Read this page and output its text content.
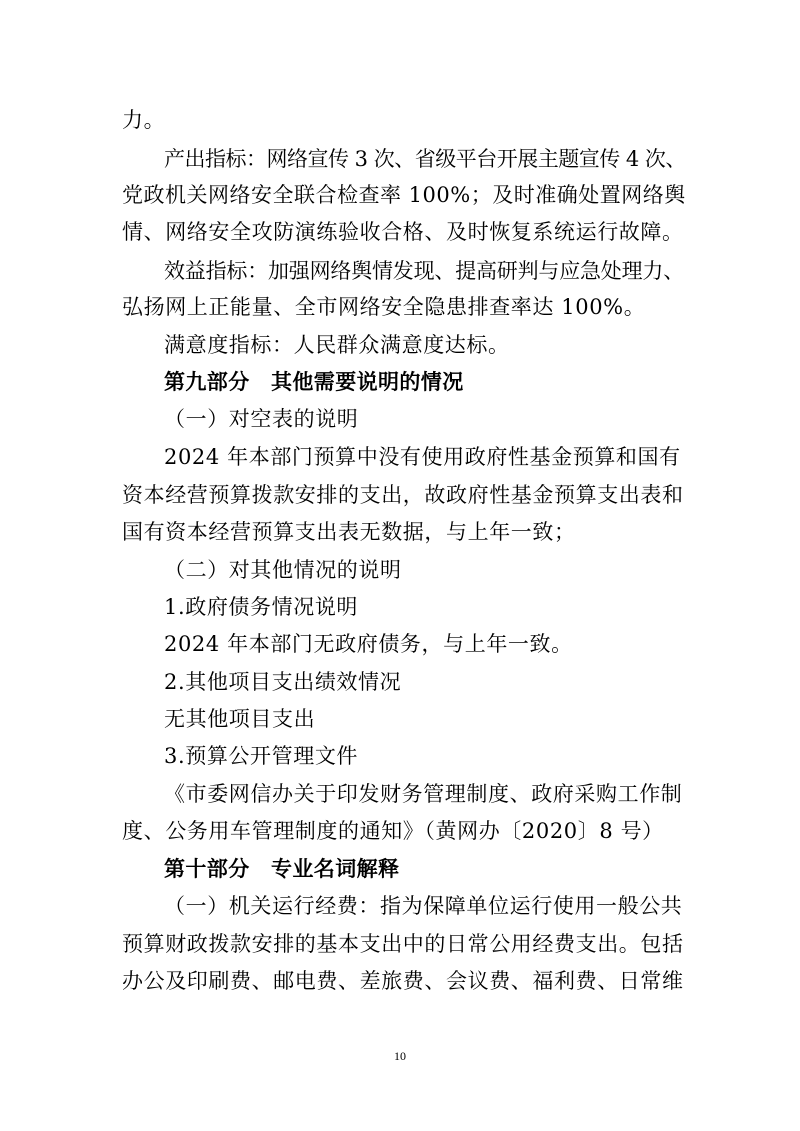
力。

产出指标：网络宣传 3 次、省级平台开展主题宣传 4 次、

党政机关网络安全联合检查率 100%；及时准确处置网络舆

情、网络安全攻防演练验收合格、及时恢复系统运行故障。

效益指标：加强网络舆情发现、提高研判与应急处理力、

弘扬网上正能量、全市网络安全隐患排查率达 100%。

满意度指标：人民群众满意度达标。

第九部分　其他需要说明的情况

（一）对空表的说明

2024 年本部门预算中没有使用政府性基金预算和国有

资本经营预算拨款安排的支出，故政府性基金预算支出表和

国有资本经营预算支出表无数据，与上年一致；

（二）对其他情况的说明

1.政府债务情况说明

2024 年本部门无政府债务，与上年一致。

2.其他项目支出绩效情况

无其他项目支出

3.预算公开管理文件

《市委网信办关于印发财务管理制度、政府采购工作制

度、公务用车管理制度的通知》（黄网办〔2020〕8 号）

第十部分　专业名词解释

（一）机关运行经费：指为保障单位运行使用一般公共

预算财政拨款安排的基本支出中的日常公用经费支出。包括

办公及印刷费、邮电费、差旅费、会议费、福利费、日常维

10
